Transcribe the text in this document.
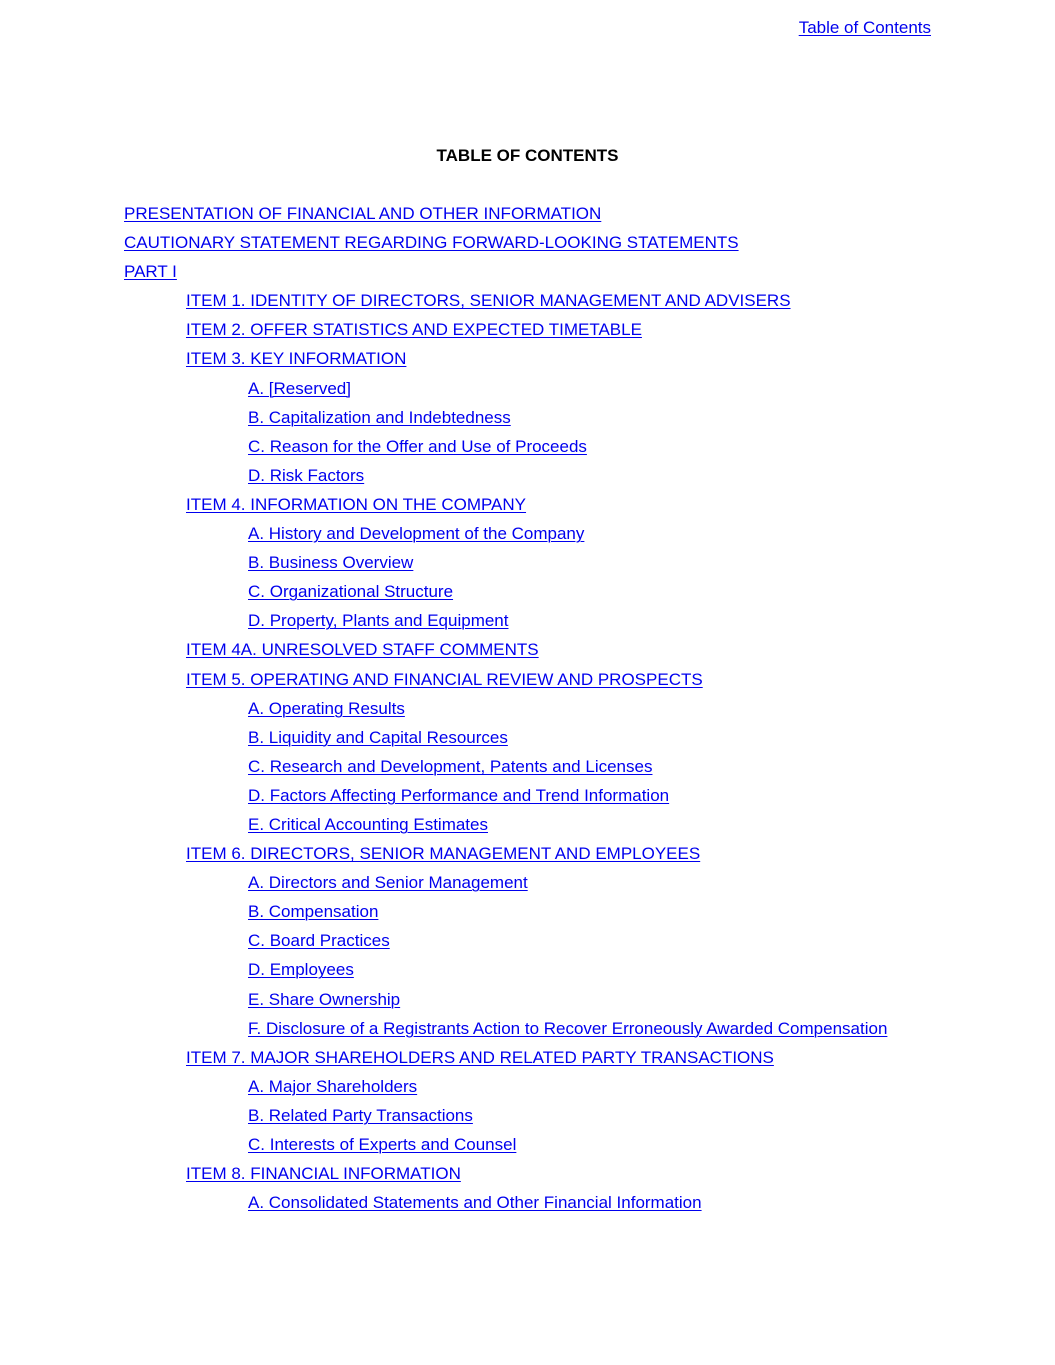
Table of Contents
TABLE OF CONTENTS
PRESENTATION OF FINANCIAL AND OTHER INFORMATION
CAUTIONARY STATEMENT REGARDING FORWARD-LOOKING STATEMENTS
PART I
ITEM 1. IDENTITY OF DIRECTORS, SENIOR MANAGEMENT AND ADVISERS
ITEM 2. OFFER STATISTICS AND EXPECTED TIMETABLE
ITEM 3. KEY INFORMATION
A. [Reserved]
B. Capitalization and Indebtedness
C. Reason for the Offer and Use of Proceeds
D. Risk Factors
ITEM 4. INFORMATION ON THE COMPANY
A. History and Development of the Company
B. Business Overview
C. Organizational Structure
D. Property, Plants and Equipment
ITEM 4A. UNRESOLVED STAFF COMMENTS
ITEM 5. OPERATING AND FINANCIAL REVIEW AND PROSPECTS
A. Operating Results
B. Liquidity and Capital Resources
C. Research and Development, Patents and Licenses
D. Factors Affecting Performance and Trend Information
E. Critical Accounting Estimates
ITEM 6. DIRECTORS, SENIOR MANAGEMENT AND EMPLOYEES
A. Directors and Senior Management
B. Compensation
C. Board Practices
D. Employees
E. Share Ownership
F. Disclosure of a Registrants Action to Recover Erroneously Awarded Compensation
ITEM 7. MAJOR SHAREHOLDERS AND RELATED PARTY TRANSACTIONS
A. Major Shareholders
B. Related Party Transactions
C. Interests of Experts and Counsel
ITEM 8. FINANCIAL INFORMATION
A. Consolidated Statements and Other Financial Information
